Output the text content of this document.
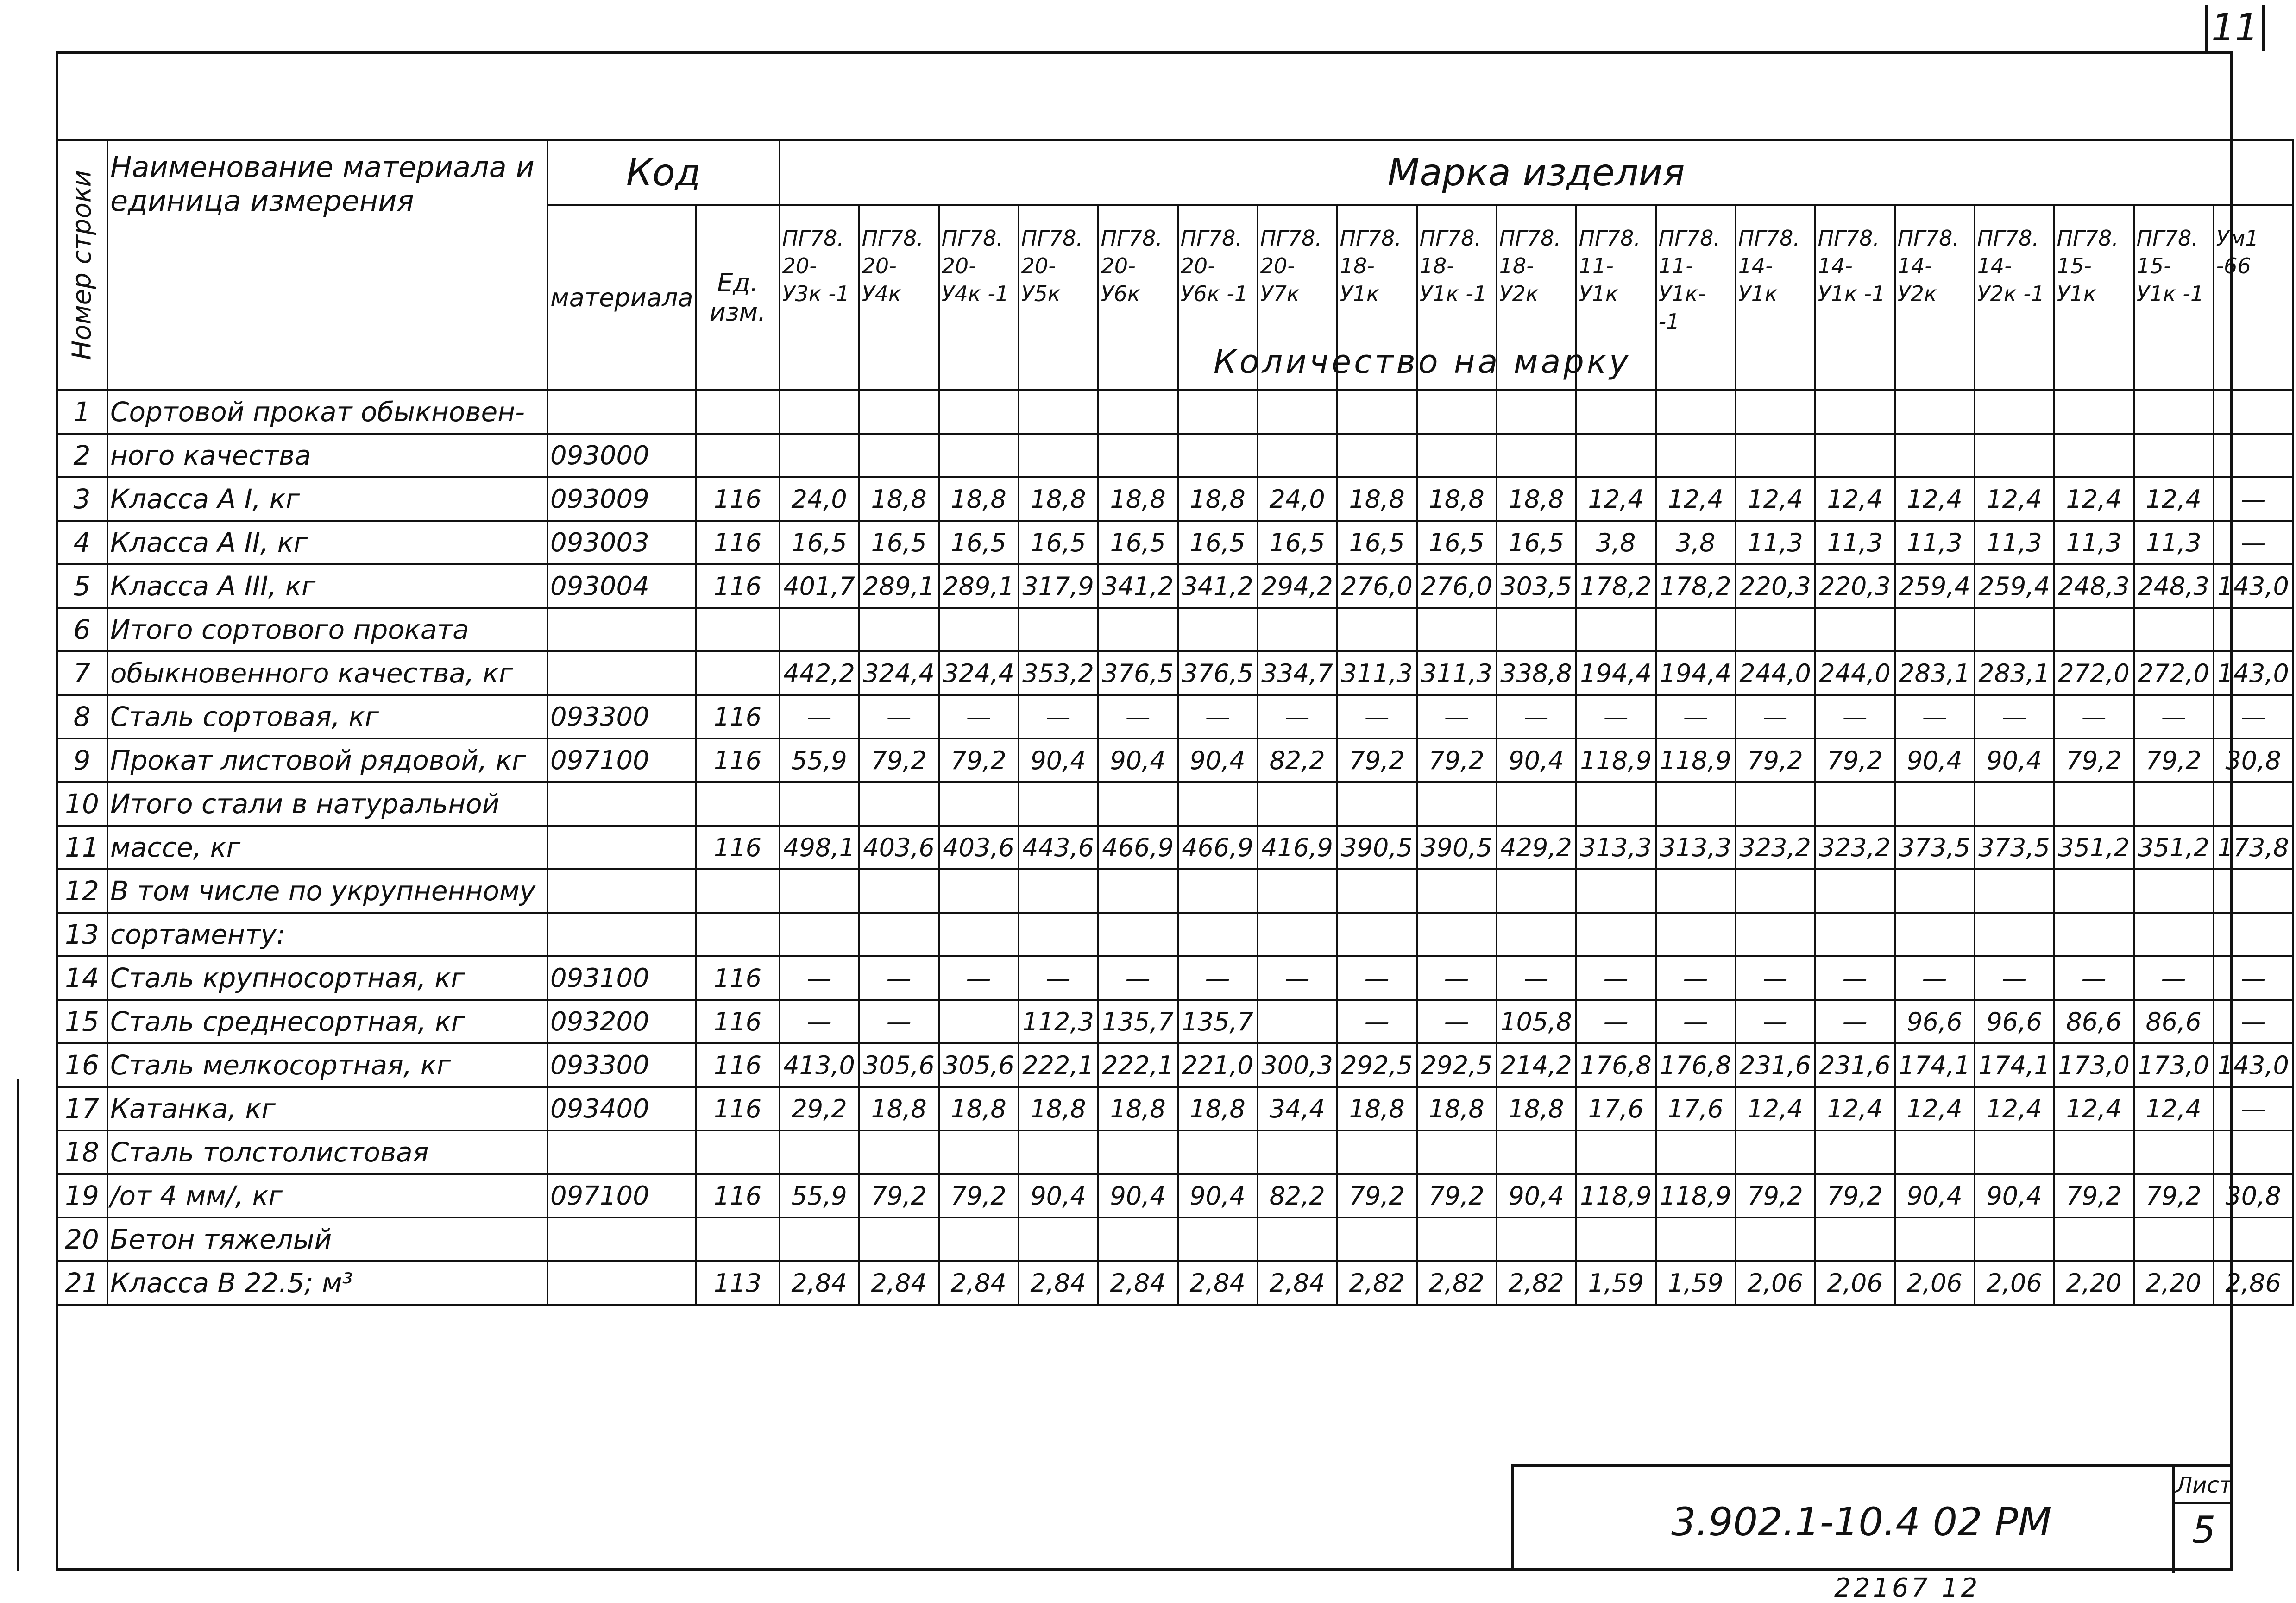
11
Номер строки	Наименование материала и единица измерения	Код		Марка изделия																		
		материала	Ед. изм.	ПГ78. 20-У3к -1	ПГ78. 20-У4к	ПГ78. 20-У4к -1	ПГ78. 20-У5к	ПГ78. 20-У6к	ПГ78. 20-У6к -1	ПГ78. 20-У7к	ПГ78. 18-У1к	ПГ78. 18-У1к -1	ПГ78. 18-У2к	ПГ78. 11-У1к	ПГ78. 11-У1к- -1	ПГ78. 14-У1к	ПГ78. 14-У1к -1	ПГ78. 14-У2к	ПГ78. 14-У2к -1	ПГ78. 15-У1к	ПГ78. 15-У1к -1	Ум1 -66
1	Сортовой прокат обыкновен-																					
2	ного качества	093000																				
3	Класса А I, кг	093009	116	24,0	18,8	18,8	18,8	18,8	18,8	24,0	18,8	18,8	18,8	12,4	12,4	12,4	12,4	12,4	12,4	12,4	12,4	—
4	Класса А II, кг	093003	116	16,5	16,5	16,5	16,5	16,5	16,5	16,5	16,5	16,5	16,5	3,8	3,8	11,3	11,3	11,3	11,3	11,3	11,3	—
5	Класса А III, кг	093004	116	401,7	289,1	289,1	317,9	341,2	341,2	294,2	276,0	276,0	303,5	178,2	178,2	220,3	220,3	259,4	259,4	248,3	248,3	143,0
6	Итого сортового проката																					
7	обыкновенного качества, кг			442,2	324,4	324,4	353,2	376,5	376,5	334,7	311,3	311,3	338,8	194,4	194,4	244,0	244,0	283,1	283,1	272,0	272,0	143,0
8	Сталь сортовая, кг	093300	116	—	—	—	—	—	—	—	—	—	—	—	—	—	—	—	—	—	—	—
9	Прокат листовой рядовой, кг	097100	116	55,9	79,2	79,2	90,4	90,4	90,4	82,2	79,2	79,2	90,4	118,9	118,9	79,2	79,2	90,4	90,4	79,2	79,2	30,8
10	Итого стали в натуральной																					
11	массе, кг		116	498,1	403,6	403,6	443,6	466,9	466,9	416,9	390,5	390,5	429,2	313,3	313,3	323,2	323,2	373,5	373,5	351,2	351,2	173,8
12	В том числе по укрупненному																					
13	сортаменту:																					
14	Сталь крупносортная, кг	093100	116	—	—	—	—	—	—	—	—	—	—	—	—	—	—	—	—	—	—	—
15	Сталь среднесортная, кг	093200	116	—	—		112,3	135,7	135,7		—	—	105,8	—	—	—	—	96,6	96,6	86,6	86,6	—
16	Сталь мелкосортная, кг	093300	116	413,0	305,6	305,6	222,1	222,1	221,0	300,3	292,5	292,5	214,2	176,8	176,8	231,6	231,6	174,1	174,1	173,0	173,0	143,0
17	Катанка, кг	093400	116	29,2	18,8	18,8	18,8	18,8	18,8	34,4	18,8	18,8	18,8	17,6	17,6	12,4	12,4	12,4	12,4	12,4	12,4	—
18	Сталь толстолистовая																					
19	/от 4 мм/, кг	097100	116	55,9	79,2	79,2	90,4	90,4	90,4	82,2	79,2	79,2	90,4	118,9	118,9	79,2	79,2	90,4	90,4	79,2	79,2	30,8
20	Бетон тяжелый																					
21	Класса В 22.5; м³		113	2,84	2,84	2,84	2,84	2,84	2,84	2,84	2,82	2,82	2,82	1,59	1,59	2,06	2,06	2,06	2,06	2,20	2,20	2,86
Количество на марку
3.902.1-10.4 02 РМ
Лист
5
22167 12
